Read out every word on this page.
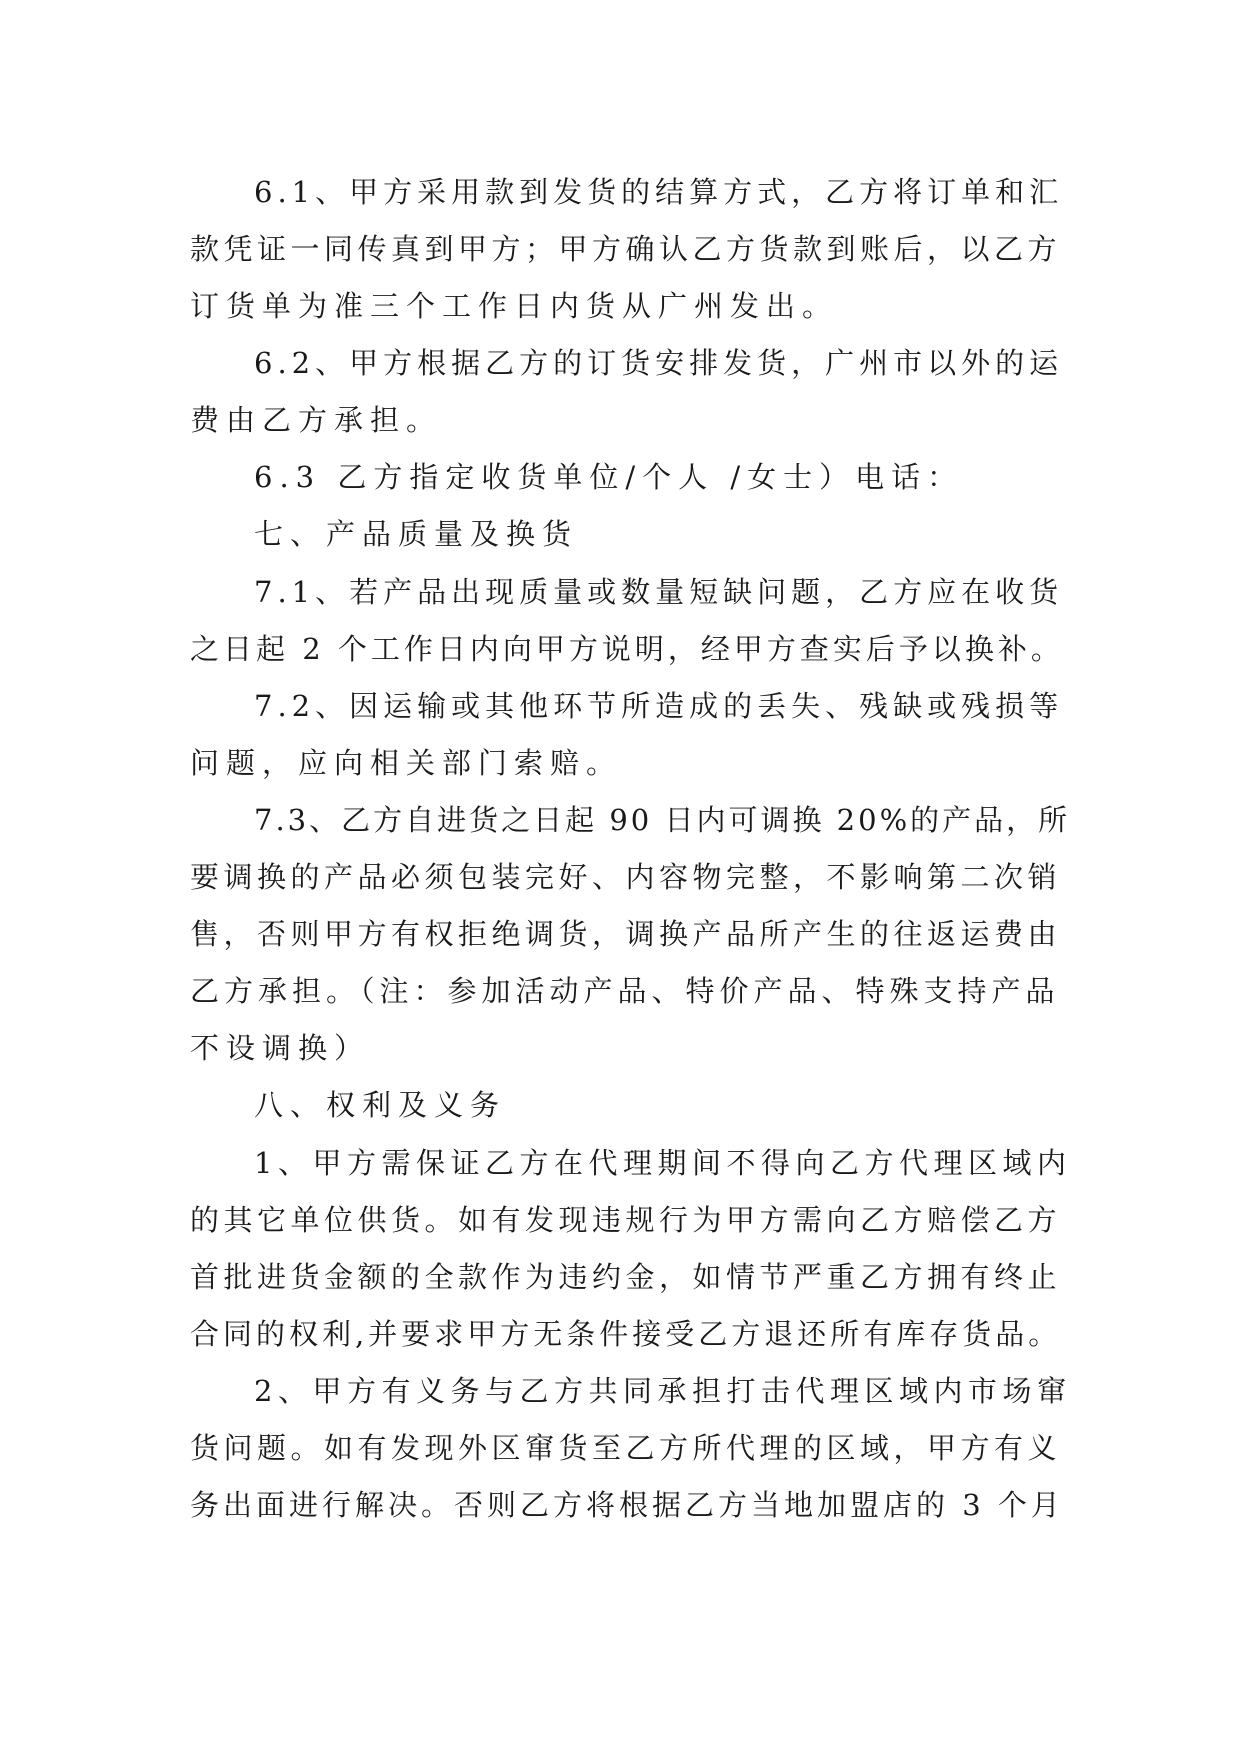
6.1、甲方采用款到发货的结算方式，乙方将订单和汇
款凭证一同传真到甲方；甲方确认乙方货款到账后，以乙方
订货单为准三个工作日内货从广州发出。
6.2、甲方根据乙方的订货安排发货，广州市以外的运
费由乙方承担。
6.3 乙方指定收货单位/个人 /女士）电话：
七、产品质量及换货
7.1、若产品出现质量或数量短缺问题，乙方应在收货
之日起 2 个工作日内向甲方说明，经甲方查实后予以换补。
7.2、因运输或其他环节所造成的丢失、残缺或残损等
问题，应向相关部门索赔。
7.3、乙方自进货之日起 90 日内可调换 20%的产品，所
要调换的产品必须包装完好、内容物完整，不影响第二次销
售，否则甲方有权拒绝调货，调换产品所产生的往返运费由
乙方承担。（注：参加活动产品、特价产品、特殊支持产品
不设调换）
八、权利及义务
1、甲方需保证乙方在代理期间不得向乙方代理区域内
的其它单位供货。如有发现违规行为甲方需向乙方赔偿乙方
首批进货金额的全款作为违约金，如情节严重乙方拥有终止
合同的权利,并要求甲方无条件接受乙方退还所有库存货品。
2、甲方有义务与乙方共同承担打击代理区域内市场窜
货问题。如有发现外区窜货至乙方所代理的区域，甲方有义
务出面进行解决。否则乙方将根据乙方当地加盟店的 3 个月
